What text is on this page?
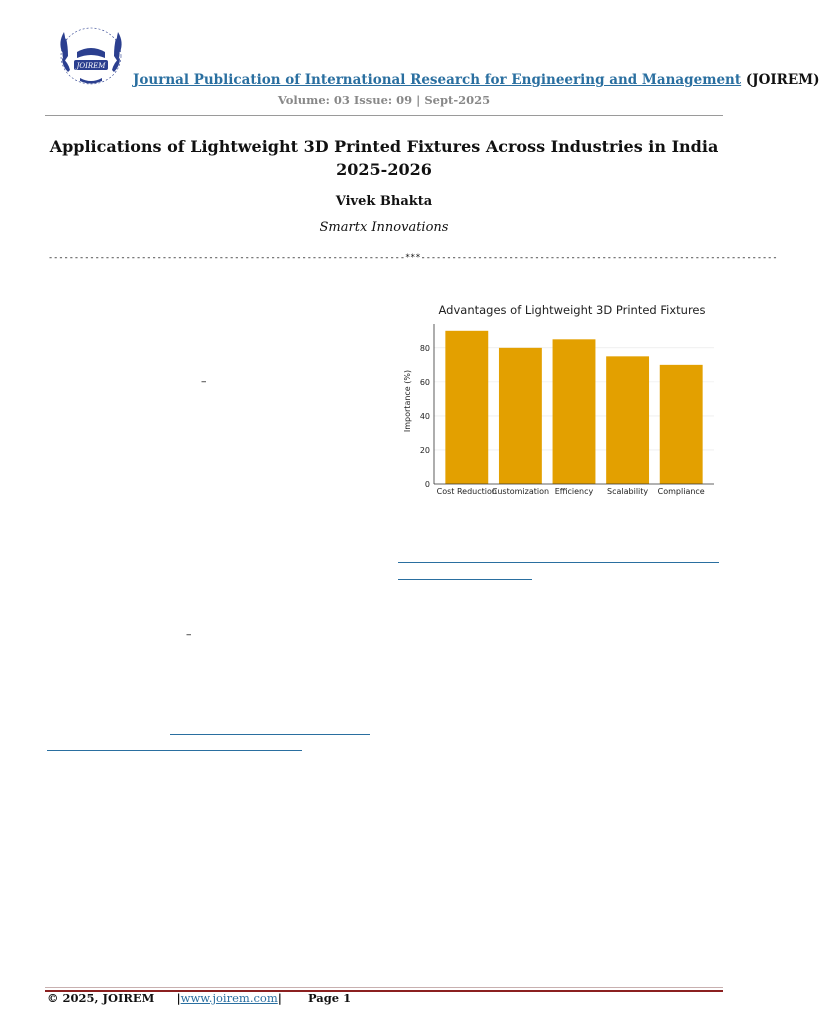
JOIREM
Journal Publication of International Research for Engineering and Management (JOIREM)
Volume: 03 Issue: 09 | Sept-2025
Applications of Lightweight 3D Printed Fixtures Across Industries in India 2025-2026
Vivek Bhakta
Smartx Innovations
---------------------------------------------------------------------***---------------------------------------------------------------------
–
–
Advantages of Lightweight 3D Printed Fixtures
Importance (%)
0
20
40
60
80
Cost Reduction
Customization Efficiency Scalability Compliance
© 2025, JOIREM |www.joirem.com| Page 1
